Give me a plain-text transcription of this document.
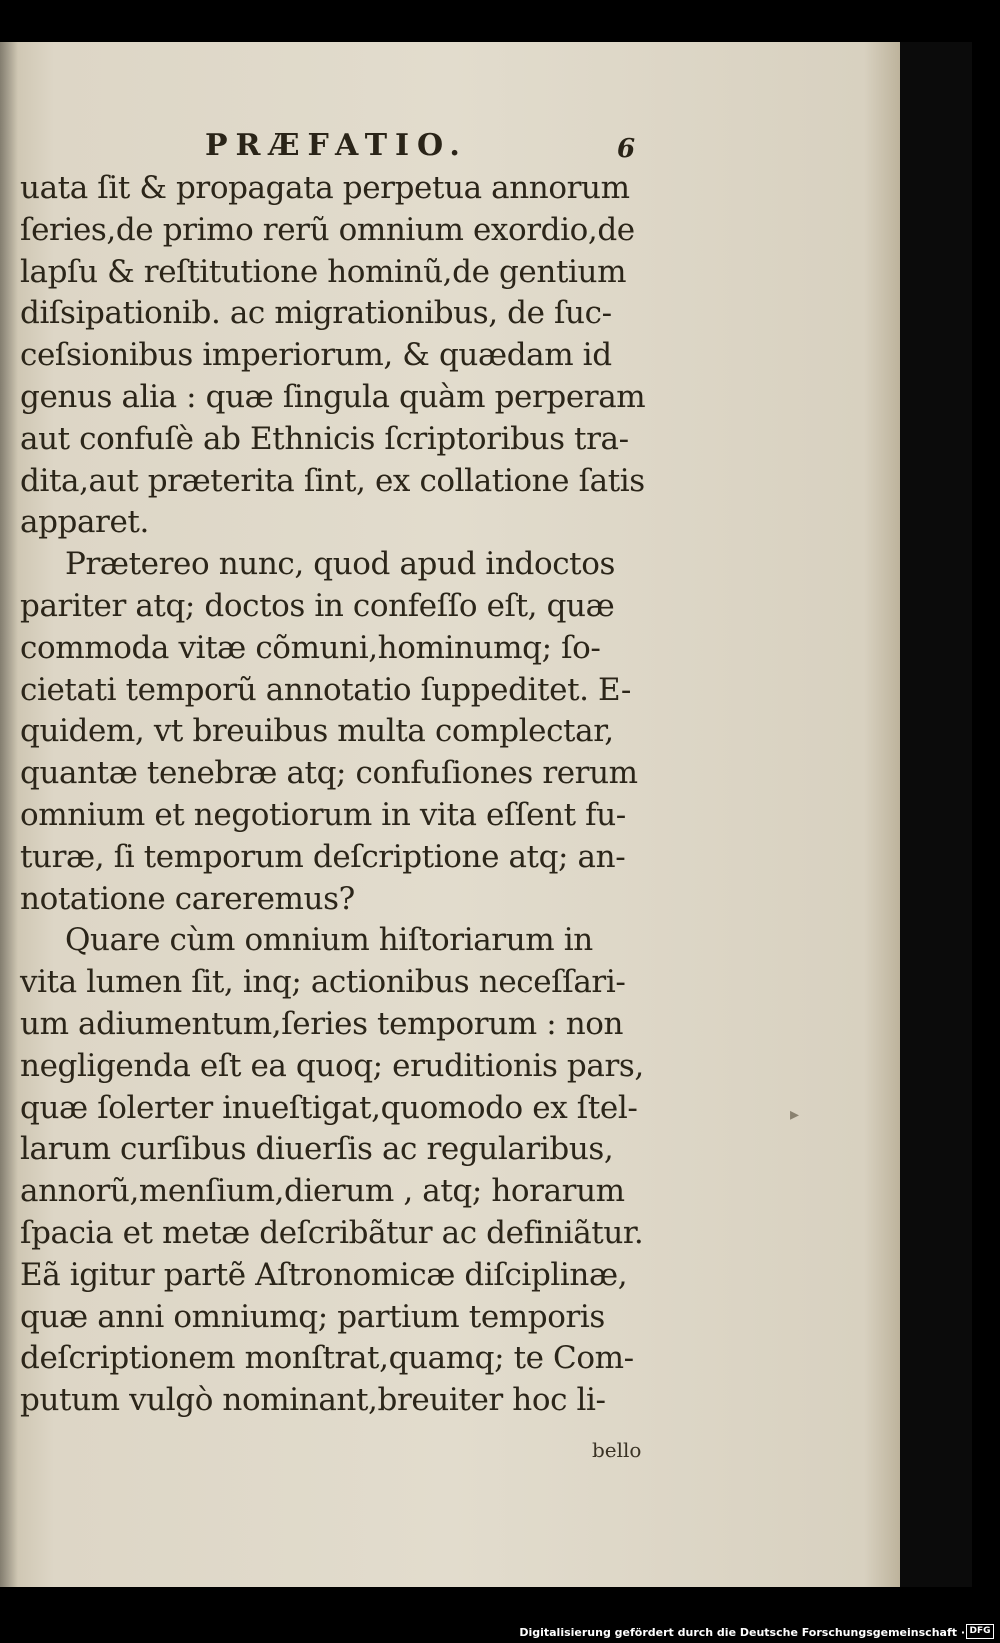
PRÆFATIO.	6
uata ſit & propagata perpetua annorum
ſeries,de primo rerũ omnium exordio,de
lapſu & reſtitutione hominũ,de gentium
diſsipationib. ac migrationibus, de ſuc-
ceſsionibus imperiorum, & quædam id
genus alia : quæ ſingula quàm perperam
aut confuſè ab Ethnicis ſcriptoribus tra-
dita,aut præterita ſint, ex collatione ſatis
apparet.
Prætereo nunc, quod apud indoctos
pariter atq; doctos in confeſſo eſt, quæ
commoda vitæ cõmuni,hominumq; ſo-
cietati temporũ annotatio ſuppeditet. E-
quidem, vt breuibus multa complectar,
quantæ tenebræ atq; confuſiones rerum
omnium et negotiorum in vita eſſent fu-
turæ, ſi temporum deſcriptione atq; an-
notatione careremus?
Quare cùm omnium hiſtoriarum in
vita lumen ſit, inq; actionibus neceſſari-
um adiumentum,ſeries temporum : non
negligenda eſt ea quoq; eruditionis pars,
quæ ſolerter inueſtigat,quomodo ex ſtel-
larum curſibus diuerſis ac regularibus,
annorũ,menſium,dierum , atq; horarum
ſpacia et metæ deſcribãtur ac definiãtur.
Eã igitur partẽ Aſtronomicæ diſciplinæ,
quæ anni omniumq; partium temporis
deſcriptionem monſtrat,quamq; te Com-
putum vulgò nominant,breuiter hoc li-
bello
▸
Digitalisierung gefördert durch die Deutsche Forschungsgemeinschaft · DFG
